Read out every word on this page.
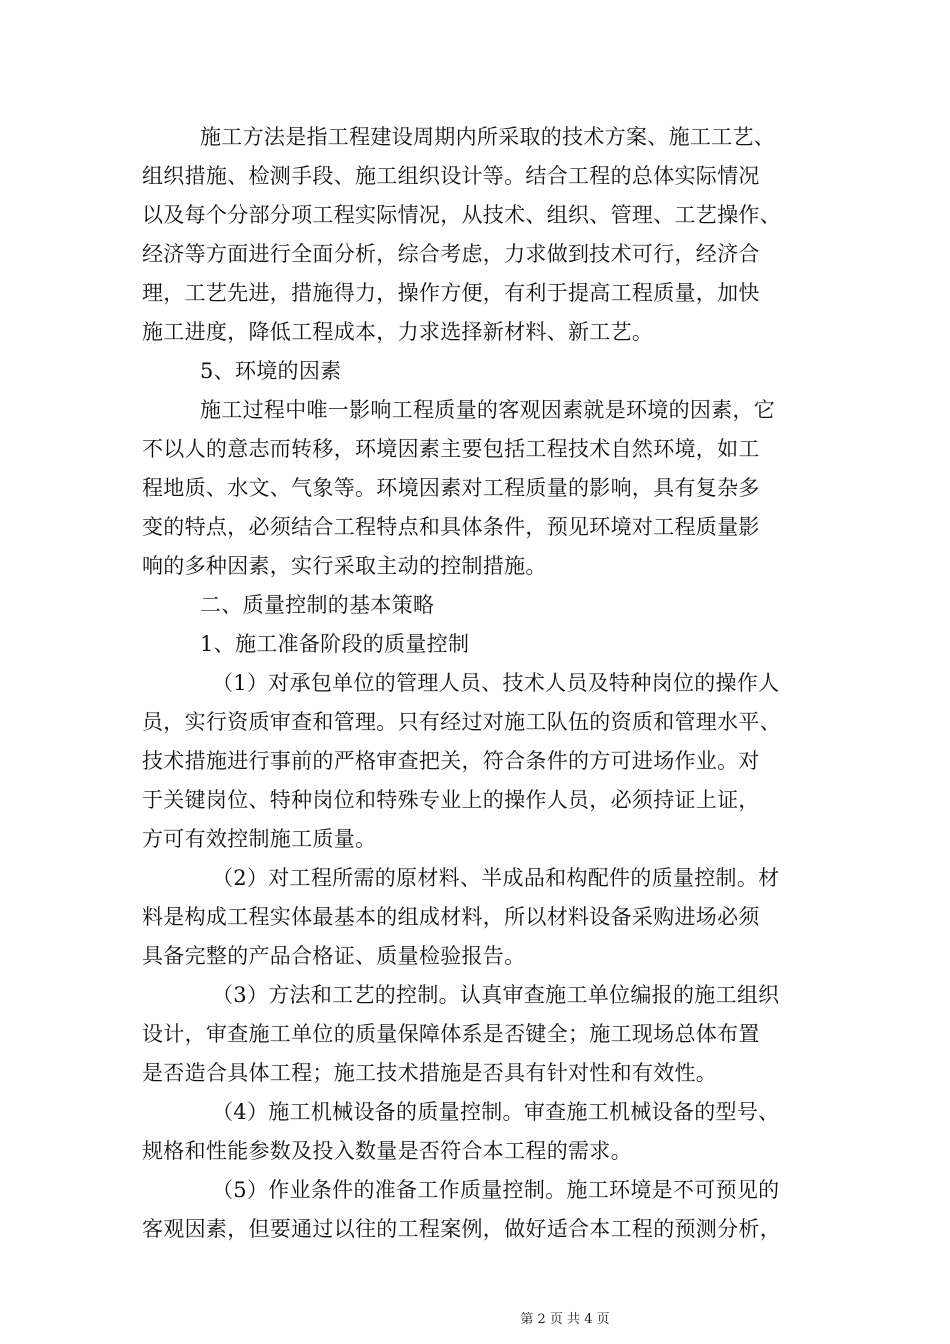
施工方法是指工程建设周期内所采取的技术方案、施工工艺、
组织措施、检测手段、施工组织设计等。结合工程的总体实际情况
以及每个分部分项工程实际情况，从技术、组织、管理、工艺操作、
经济等方面进行全面分析，综合考虑，力求做到技术可行，经济合
理，工艺先进，措施得力，操作方便，有利于提高工程质量，加快
施工进度，降低工程成本，力求选择新材料、新工艺。
5、环境的因素
施工过程中唯一影响工程质量的客观因素就是环境的因素，它
不以人的意志而转移，环境因素主要包括工程技术自然环境，如工
程地质、水文、气象等。环境因素对工程质量的影响，具有复杂多
变的特点，必须结合工程特点和具体条件，预见环境对工程质量影
响的多种因素，实行采取主动的控制措施。
二、质量控制的基本策略
1、施工准备阶段的质量控制
（1）对承包单位的管理人员、技术人员及特种岗位的操作人
员，实行资质审查和管理。只有经过对施工队伍的资质和管理水平、
技术措施进行事前的严格审查把关，符合条件的方可进场作业。对
于关键岗位、特种岗位和特殊专业上的操作人员，必须持证上证，
方可有效控制施工质量。
（2）对工程所需的原材料、半成品和构配件的质量控制。材
料是构成工程实体最基本的组成材料，所以材料设备采购进场必须
具备完整的产品合格证、质量检验报告。
（3）方法和工艺的控制。认真审查施工单位编报的施工组织
设计，审查施工单位的质量保障体系是否键全；施工现场总体布置
是否造合具体工程；施工技术措施是否具有针对性和有效性。
（4）施工机械设备的质量控制。审查施工机械设备的型号、
规格和性能参数及投入数量是否符合本工程的需求。
（5）作业条件的准备工作质量控制。施工环境是不可预见的
客观因素，但要通过以往的工程案例，做好适合本工程的预测分析，
第 2 页 共 4 页
